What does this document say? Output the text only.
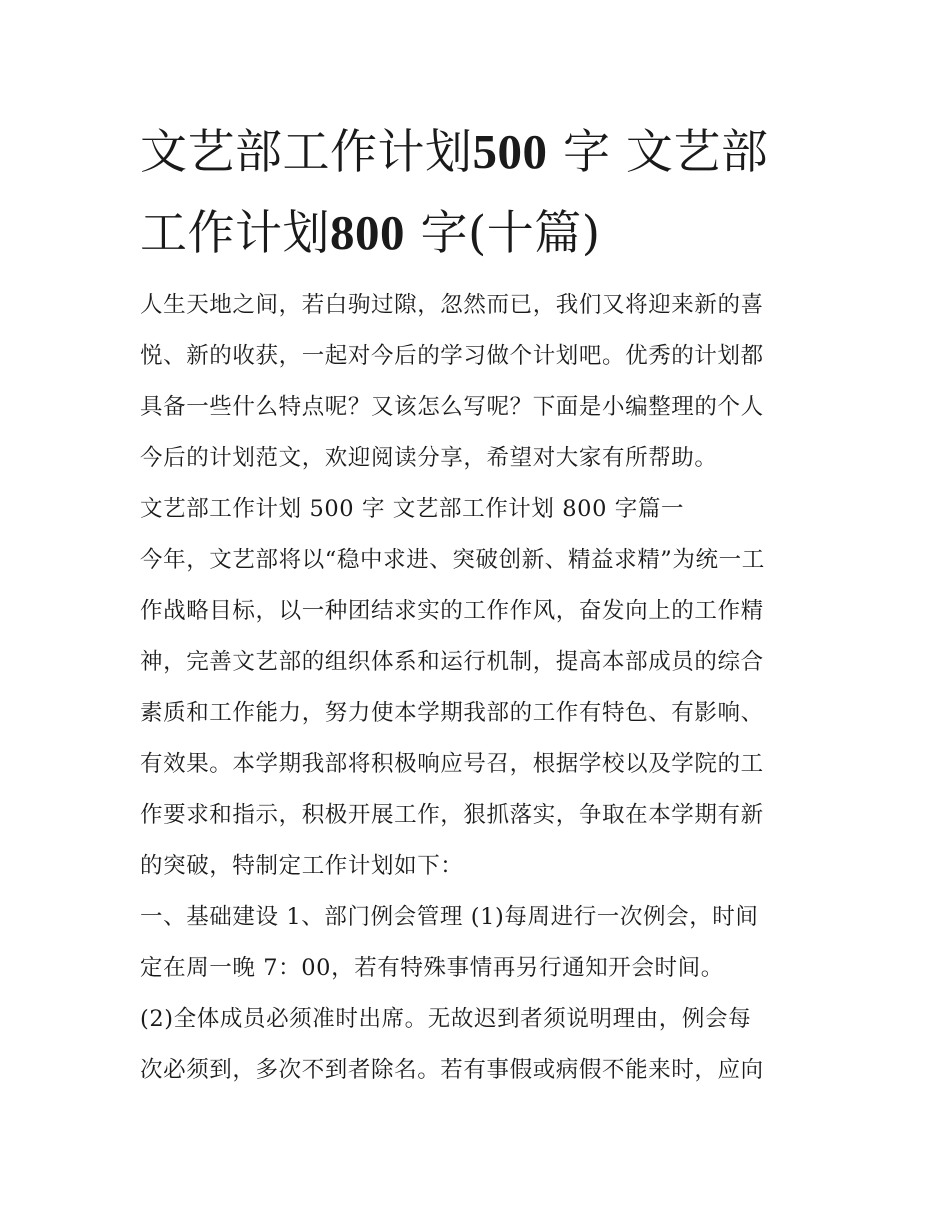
文艺部工作计划500 字 文艺部
工作计划800 字(十篇)

人生天地之间，若白驹过隙，忽然而已，我们又将迎来新的喜
悦、新的收获，一起对今后的学习做个计划吧。优秀的计划都
具备一些什么特点呢？又该怎么写呢？下面是小编整理的个人
今后的计划范文，欢迎阅读分享，希望对大家有所帮助。

文艺部工作计划 500 字 文艺部工作计划 800 字篇一

今年，文艺部将以“稳中求进、突破创新、精益求精”为统一工
作战略目标，以一种团结求实的工作作风，奋发向上的工作精
神，完善文艺部的组织体系和运行机制，提高本部成员的综合
素质和工作能力，努力使本学期我部的工作有特色、有影响、
有效果。本学期我部将积极响应号召，根据学校以及学院的工
作要求和指示，积极开展工作，狠抓落实，争取在本学期有新
的突破，特制定工作计划如下：

一、基础建设 1、部门例会管理 (1)每周进行一次例会，时间
定在周一晚 7：00，若有特殊事情再另行通知开会时间。

(2)全体成员必须准时出席。无故迟到者须说明理由，例会每
次必须到，多次不到者除名。若有事假或病假不能来时，应向
